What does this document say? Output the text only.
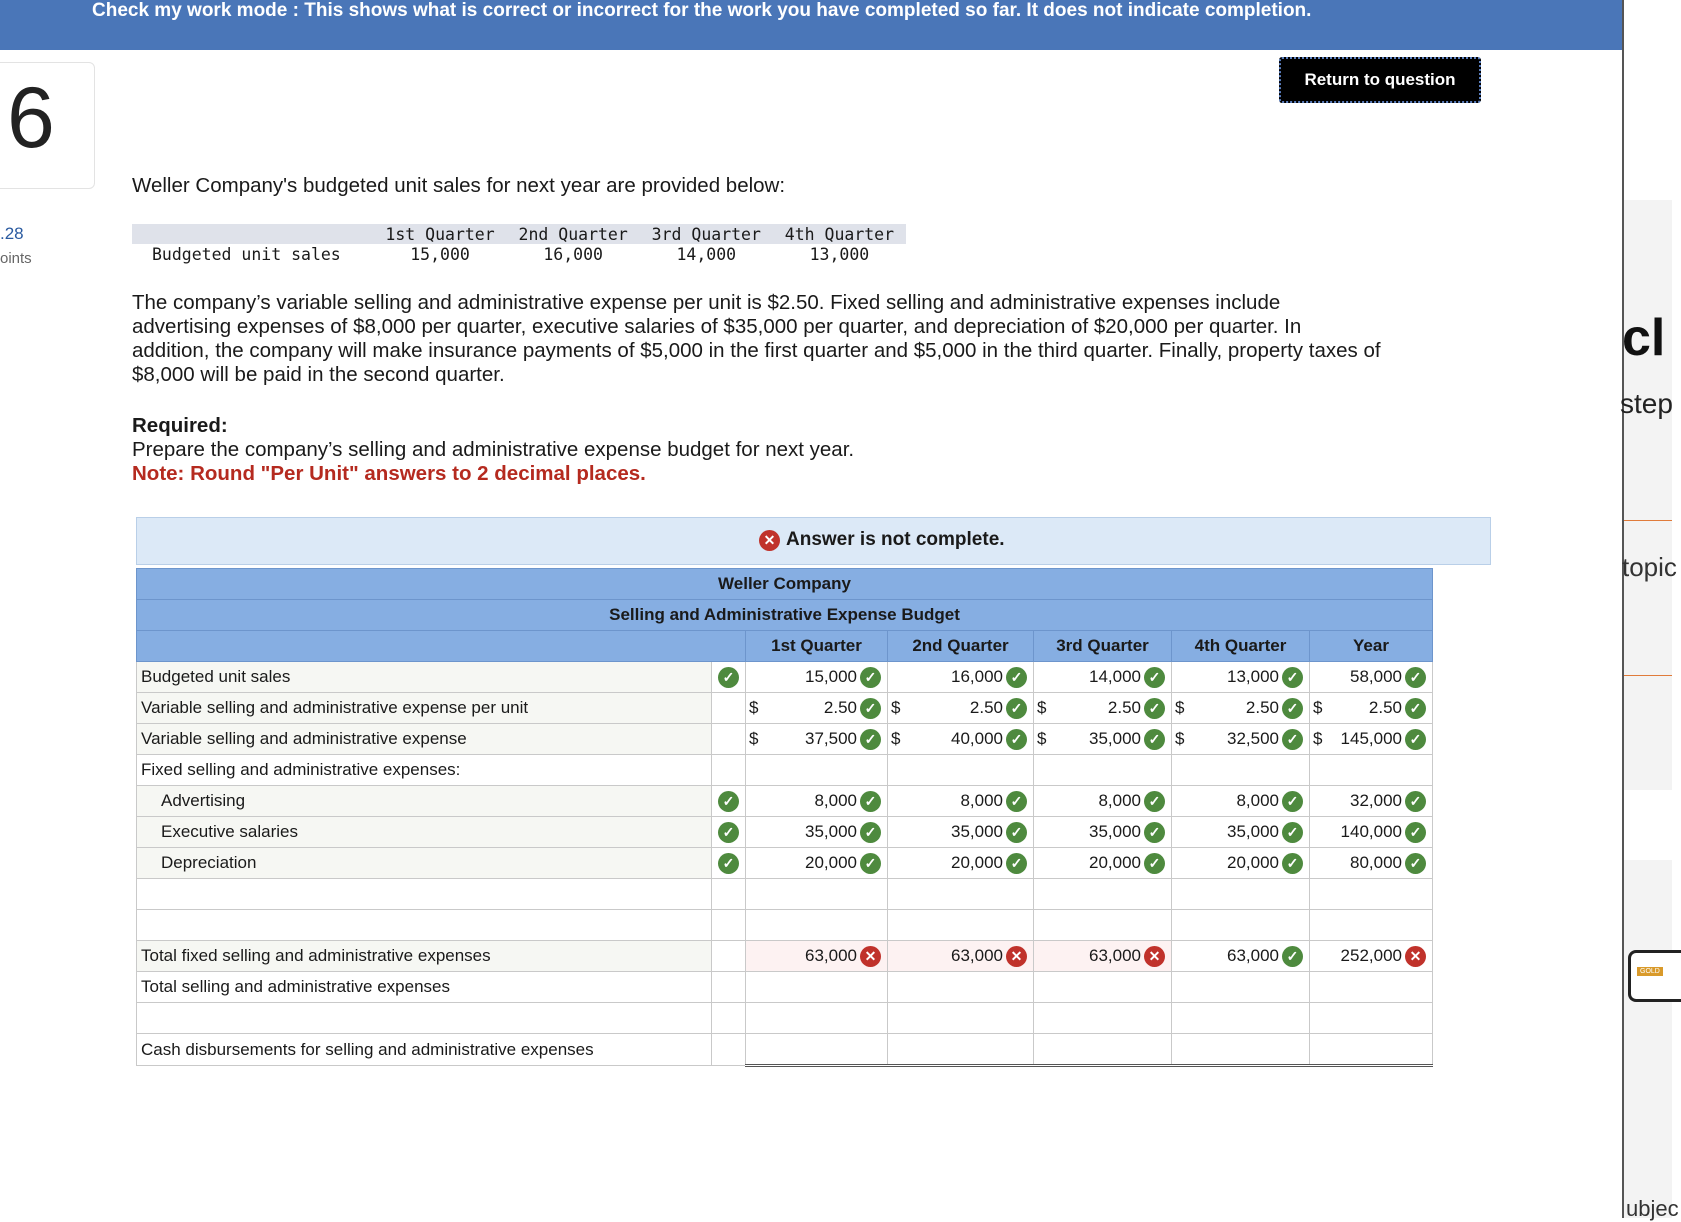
Check my work mode : This shows what is correct or incorrect for the work you have completed so far. It does not indicate completion.
6
.28
oints
Return to question
Weller Company's budgeted unit sales for next year are provided below:
	1st Quarter	2nd Quarter	3rd Quarter	4th Quarter
Budgeted unit sales	15,000	16,000	14,000	13,000
The company’s variable selling and administrative expense per unit is $2.50. Fixed selling and administrative expenses include advertising expenses of $8,000 per quarter, executive salaries of $35,000 per quarter, and depreciation of $20,000 per quarter. In addition, the company will make insurance payments of $5,000 in the first quarter and $5,000 in the third quarter. Finally, property taxes of $8,000 will be paid in the second quarter.
Required:
Prepare the company’s selling and administrative expense budget for next year.
Note: Round "Per Unit" answers to 2 decimal places.
✕ Answer is not complete.
Weller Company						
Selling and Administrative Expense Budget						
		1st Quarter	2nd Quarter	3rd Quarter	4th Quarter	Year
Budgeted unit sales	✓	15,000 ✓	16,000 ✓	14,000 ✓	13,000 ✓	58,000 ✓

Variable selling and administrative expense per unit		$ 2.50 ✓	$ 2.50 ✓	$ 2.50 ✓	$ 2.50 ✓	$ 2.50 ✓

Variable selling and administrative expense		$ 37,500 ✓	$ 40,000 ✓	$ 35,000 ✓	$ 32,500 ✓	$ 145,000 ✓

Fixed selling and administrative expenses:						
Advertising	✓	8,000 ✓	8,000 ✓	8,000 ✓	8,000 ✓	32,000 ✓

Executive salaries	✓	35,000 ✓	35,000 ✓	35,000 ✓	35,000 ✓	140,000 ✓

Depreciation	✓	20,000 ✓	20,000 ✓	20,000 ✓	20,000 ✓	80,000 ✓

Total fixed selling and administrative expenses		63,000 ✕	63,000 ✕	63,000 ✕	63,000 ✓	252,000 ✕

Total selling and administrative expenses						

Cash disbursements for selling and administrative expenses						
cl
step
topic
GOLD
ubjec
